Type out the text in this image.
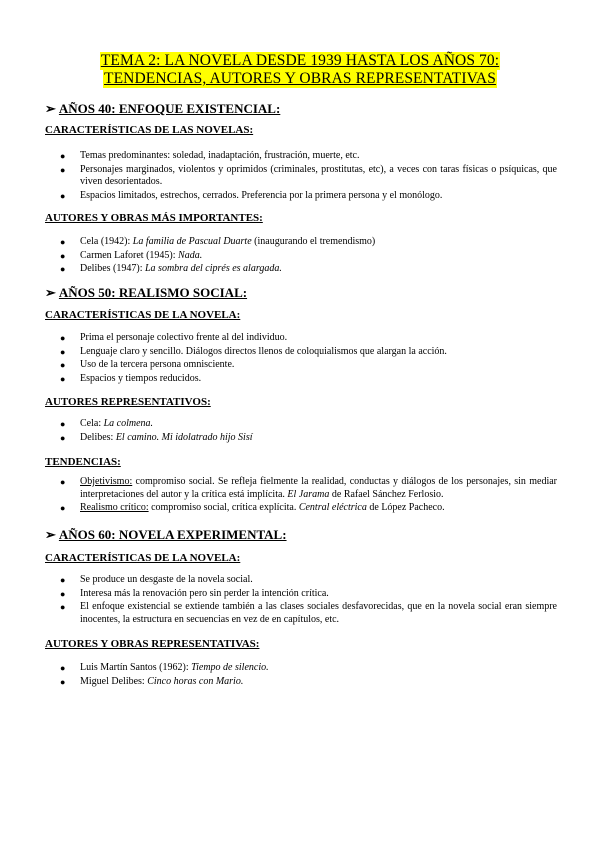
TEMA 2: LA NOVELA DESDE 1939 HASTA LOS AÑOS 70:
TENDENCIAS, AUTORES Y OBRAS REPRESENTATIVAS
➢ AÑOS 40: ENFOQUE EXISTENCIAL:
CARACTERÍSTICAS DE LAS NOVELAS:
● Temas predominantes: soledad, inadaptación, frustración, muerte, etc.
● Personajes marginados, violentos y oprimidos (criminales, prostitutas, etc), a veces con taras físicas o psíquicas, que viven desorientados.
● Espacios limitados, estrechos, cerrados. Preferencia por la primera persona y el monólogo.
AUTORES Y OBRAS MÁS IMPORTANTES:
● Cela (1942): La familia de Pascual Duarte (inaugurando el tremendismo)
● Carmen Laforet (1945): Nada.
● Delibes (1947): La sombra del ciprés es alargada.
➢ AÑOS 50: REALISMO SOCIAL:
CARACTERÍSTICAS DE LA NOVELA:
● Prima el personaje colectivo frente al del individuo.
● Lenguaje claro y sencillo. Diálogos directos llenos de coloquialismos que alargan la acción.
● Uso de la tercera persona omnisciente.
● Espacios y tiempos reducidos.
AUTORES REPRESENTATIVOS:
● Cela: La colmena.
● Delibes: El camino. Mi idolatrado hijo Sisí
TENDENCIAS:
● Objetivismo: compromiso social. Se refleja fielmente la realidad, conductas y diálogos de los personajes, sin mediar interpretaciones del autor y la crítica está implícita. El Jarama de Rafael Sánchez Ferlosio.
● Realismo crítico: compromiso social, crítica explícita. Central eléctrica de López Pacheco.
➢ AÑOS 60: NOVELA EXPERIMENTAL:
CARACTERÍSTICAS DE LA NOVELA:
● Se produce un desgaste de la novela social.
● Interesa más la renovación pero sin perder la intención crítica.
● El enfoque existencial se extiende también a las clases sociales desfavorecidas, que en la novela social eran siempre inocentes, la estructura en secuencias en vez de en capítulos, etc.
AUTORES Y OBRAS REPRESENTATIVAS:
● Luis Martín Santos (1962): Tiempo de silencio.
● Miguel Delibes: Cinco horas con Mario.
